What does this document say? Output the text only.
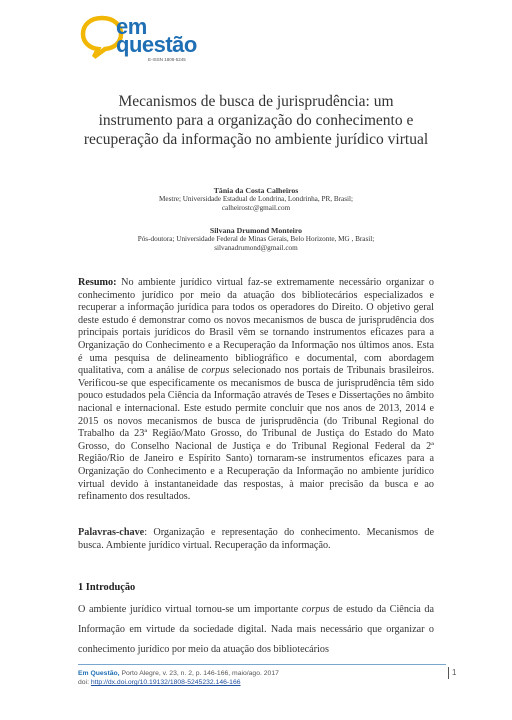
em
questão
E-ISSN 1808-5245
Mecanismos de busca de jurisprudência: um instrumento para a organização do conhecimento e recuperação da informação no ambiente jurídico virtual
Tânia da Costa Calheiros
Mestre; Universidade Estadual de Londrina, Londrinha, PR, Brasil;
calheirostc@gmail.com
Silvana Drumond Monteiro
Pós-doutora; Universidade Federal de Minas Gerais, Belo Horizonte, MG , Brasil;
silvanadrumond@gmail.com
Resumo: No ambiente jurídico virtual faz-se extremamente necessário organizar o conhecimento jurídico por meio da atuação dos bibliotecários especializados e recuperar a informação jurídica para todos os operadores do Direito. O objetivo geral deste estudo é demonstrar como os novos mecanismos de busca de jurisprudência dos principais portais jurídicos do Brasil vêm se tornando instrumentos eficazes para a Organização do Conhecimento e a Recuperação da Informação nos últimos anos. Esta é uma pesquisa de delineamento bibliográfico e documental, com abordagem qualitativa, com a análise de corpus selecionado nos portais de Tribunais brasileiros. Verificou-se que especificamente os mecanismos de busca de jurisprudência têm sido pouco estudados pela Ciência da Informação através de Teses e Dissertações no âmbito nacional e internacional. Este estudo permite concluir que nos anos de 2013, 2014 e 2015 os novos mecanismos de busca de jurisprudência (do Tribunal Regional do Trabalho da 23ª Região/Mato Grosso, do Tribunal de Justiça do Estado do Mato Grosso, do Conselho Nacional de Justiça e do Tribunal Regional Federal da 2ª Região/Rio de Janeiro e Espírito Santo) tornaram-se instrumentos eficazes para a Organização do Conhecimento e a Recuperação da Informação no ambiente jurídico virtual devido à instantaneidade das respostas, à maior precisão da busca e ao refinamento dos resultados.
Palavras-chave: Organização e representação do conhecimento. Mecanismos de busca. Ambiente jurídico virtual. Recuperação da informação.
1 Introdução
O ambiente jurídico virtual tornou-se um importante corpus de estudo da Ciência da Informação em virtude da sociedade digital. Nada mais necessário que organizar o conhecimento jurídico por meio da atuação dos bibliotecários
Em Questão, Porto Alegre, v. 23, n. 2, p. 146-166, maio/ago. 2017
doi: http://dx.doi.org/10.19132/1808-5245232.146-166
1
